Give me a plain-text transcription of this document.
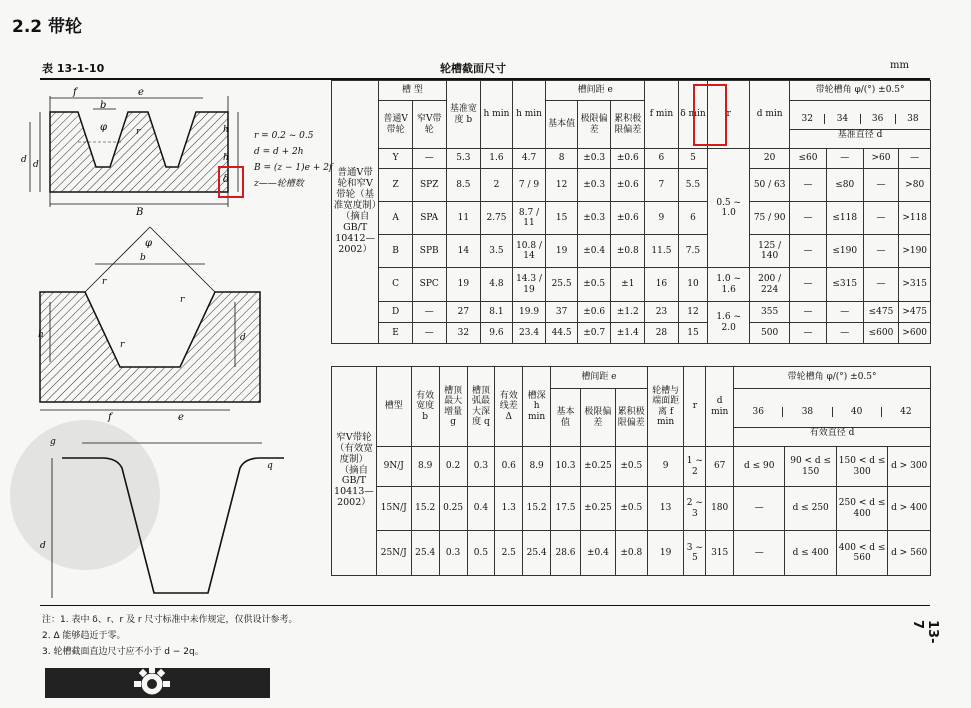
2.2 带轮
表 13-1-10	轮槽截面尺寸	mm
f
b
e
φ	r	h
h
δ
d d
B
r = 0.2 ~ 0.5
d = d + 2h
B = (z − 1)e + 2f
z——轮槽数
φ
b
r
r
r
h	d
f	e
g
q
d
普通V带轮和窄V带轮（基准宽度制）（摘自GB/T 10412—2002）	槽 型		基准宽度 b	h min	h min	槽间距 e			f min	δ min	r	d min	带轮槽角 φ/(°) ±0.5°			
	普通V带轮	窄V带轮				基本值	极限偏差	累积极限偏差					32 34 36 38
基准直径 d			

	Y	—	5.3	1.6	4.7	8	±0.3	±0.6	6	5	0.5 ~ 1.0	20	≤60	—	>60	—
	Z	SPZ	8.5	2	7 / 9	12	±0.3	±0.6	7	5.5		50 / 63	—	≤80	—	>80
	A	SPA	11	2.75	8.7 / 11	15	±0.3	±0.6	9	6		75 / 90	—	≤118	—	>118
	B	SPB	14	3.5	10.8 / 14	19	±0.4	±0.8	11.5	7.5		125 / 140	—	≤190	—	>190
	C	SPC	19	4.8	14.3 / 19	25.5	±0.5	±1	16	10	1.0 ~ 1.6	200 / 224	—	≤315	—	>315
	D	—	27	8.1	19.9	37	±0.6	±1.2	23	12	1.6 ~ 2.0	355	—	—	≤475	>475
	E	—	32	9.6	23.4	44.5	±0.7	±1.4	28	15		500	—	—	≤600	>600
窄V带轮（有效宽度制）（摘自GB/T 10413—2002）	槽型	有效宽度 b	槽顶最大增量 g	槽顶弧最大深度 q	有效线差 Δ	槽深 h min	槽间距 e			轮槽与端面距离 f min	r	d min	带轮槽角 φ/(°) ±0.5°			
							基本值	极限偏差	累积极限偏差				36 38 40 42
有效直径 d			

	9N/J	8.9	0.2	0.3	0.6	8.9	10.3	±0.25	±0.5	9	1 ~ 2	67	d ≤ 90	90 < d ≤ 150	150 < d ≤ 300	d > 300
	15N/J	15.2	0.25	0.4	1.3	15.2	17.5	±0.25	±0.5	13	2 ~ 3	180	—	d ≤ 250	250 < d ≤ 400	d > 400
	25N/J	25.4	0.3	0.5	2.5	25.4	28.6	±0.4	±0.8	19	3 ~ 5	315	—	d ≤ 400	400 < d ≤ 560	d > 560
注：1. 表中 δ、r、r 及 r 尺寸标准中未作规定，仅供设计参考。
2. Δ 能够趋近于零。
3. 轮槽截面直边尺寸应不小于 d − 2q。
13-7
